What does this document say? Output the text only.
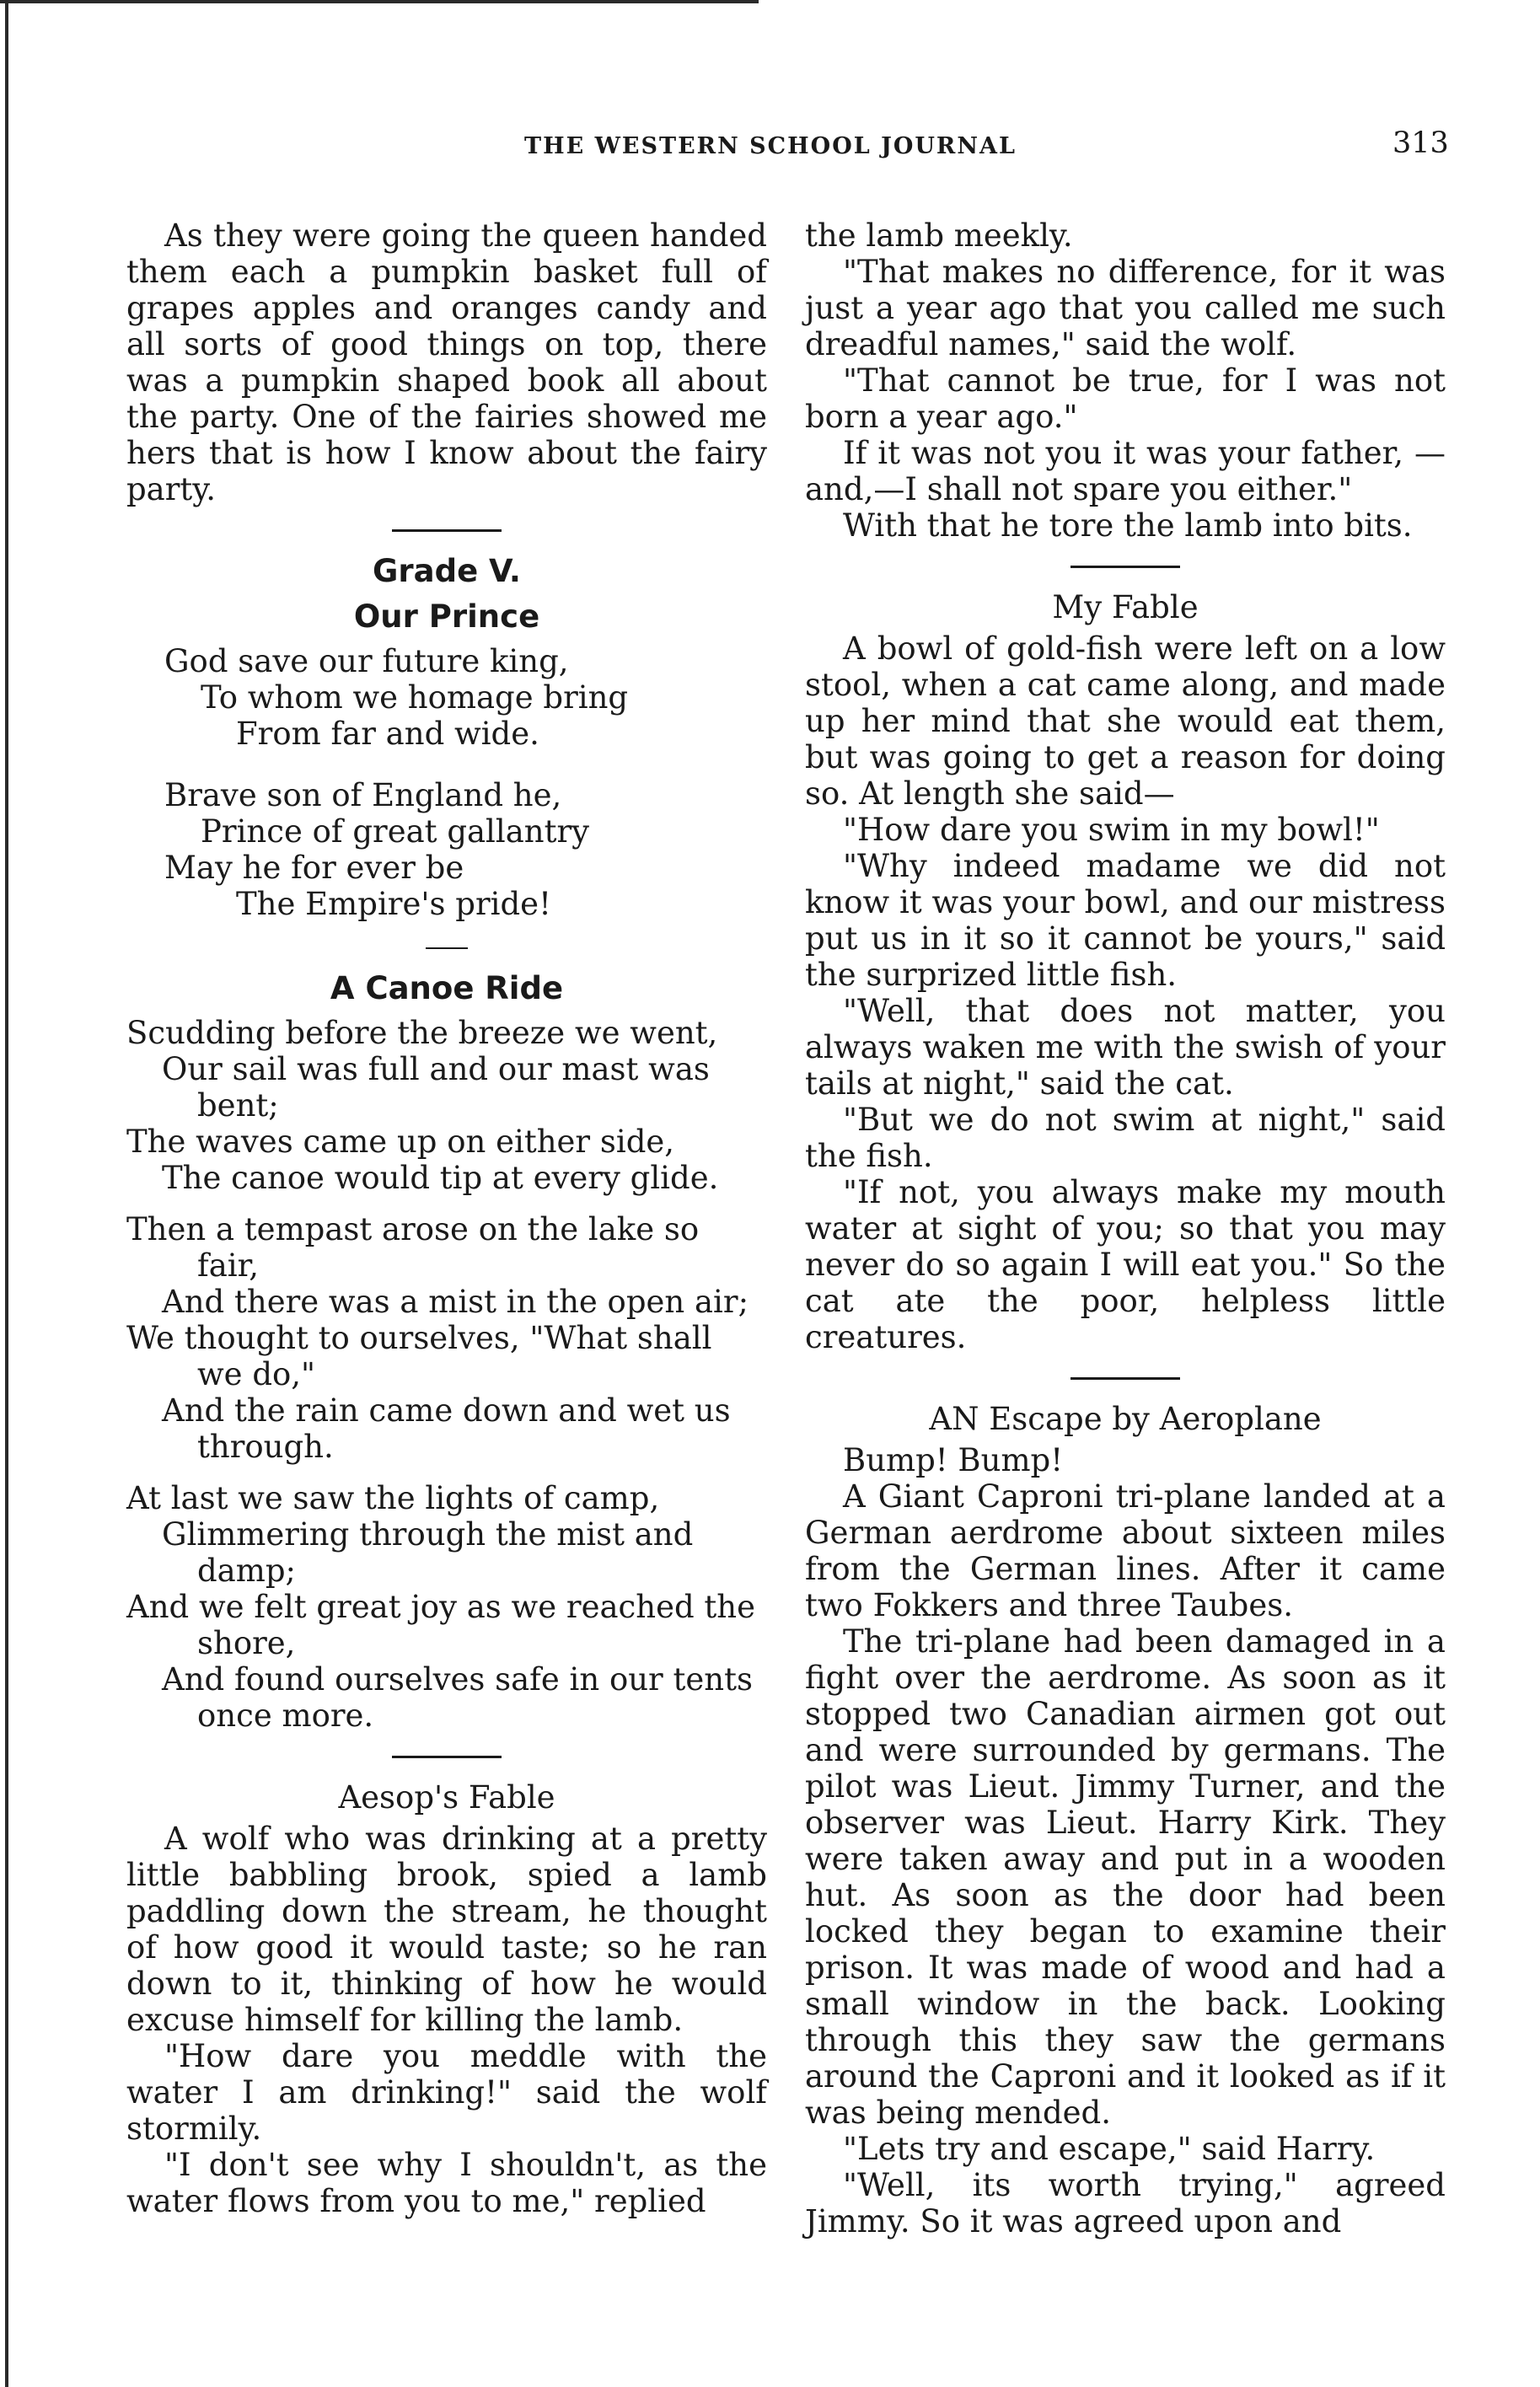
THE WESTERN SCHOOL JOURNAL	313

As they were going the queen handed them each a pumpkin basket full of grapes apples and oranges candy and all sorts of good things on top, there was a pumpkin shaped book all about the party. One of the fairies showed me hers that is how I know about the fairy party.

Grade V.
Our Prince

God save our future king,

To whom we homage bring

From far and wide.

Brave son of England he,

Prince of great gallantry

May he for ever be

The Empire's pride!

A Canoe Ride

Scudding before the breeze we went,

Our sail was full and our mast was

bent;

The waves came up on either side,

The canoe would tip at every glide.

Then a tempast arose on the lake so

fair,

And there was a mist in the open air;

We thought to ourselves, "What shall

we do,"

And the rain came down and wet us

through.

At last we saw the lights of camp,

Glimmering through the mist and

damp;

And we felt great joy as we reached the

shore,

And found ourselves safe in our tents

once more.

Aesop's Fable

A wolf who was drinking at a pretty little babbling brook, spied a lamb paddling down the stream, he thought of how good it would taste; so he ran down to it, thinking of how he would excuse himself for killing the lamb.

"How dare you meddle with the water I am drinking!" said the wolf stormily.

"I don't see why I shouldn't, as the water flows from you to me," replied

the lamb meekly.

"That makes no difference, for it was just a year ago that you called me such dreadful names," said the wolf.

"That cannot be true, for I was not born a year ago."

If it was not you it was your father, —and,—I shall not spare you either."

With that he tore the lamb into bits.

My Fable

A bowl of gold-fish were left on a low stool, when a cat came along, and made up her mind that she would eat them, but was going to get a reason for doing so. At length she said—

"How dare you swim in my bowl!"

"Why indeed madame we did not know it was your bowl, and our mistress put us in it so it cannot be yours," said the surprized little fish.

"Well, that does not matter, you always waken me with the swish of your tails at night," said the cat.

"But we do not swim at night," said the fish.

"If not, you always make my mouth water at sight of you; so that you may never do so again I will eat you." So the cat ate the poor, helpless little creatures.

AN Escape by Aeroplane

Bump! Bump!

A Giant Caproni tri-plane landed at a German aerdrome about sixteen miles from the German lines. After it came two Fokkers and three Taubes.

The tri-plane had been damaged in a fight over the aerdrome. As soon as it stopped two Canadian airmen got out and were surrounded by germans. The pilot was Lieut. Jimmy Turner, and the observer was Lieut. Harry Kirk. They were taken away and put in a wooden hut. As soon as the door had been locked they began to examine their prison. It was made of wood and had a small window in the back. Looking through this they saw the germans around the Caproni and it looked as if it was being mended.

"Lets try and escape," said Harry.

"Well, its worth trying," agreed Jimmy. So it was agreed upon and
